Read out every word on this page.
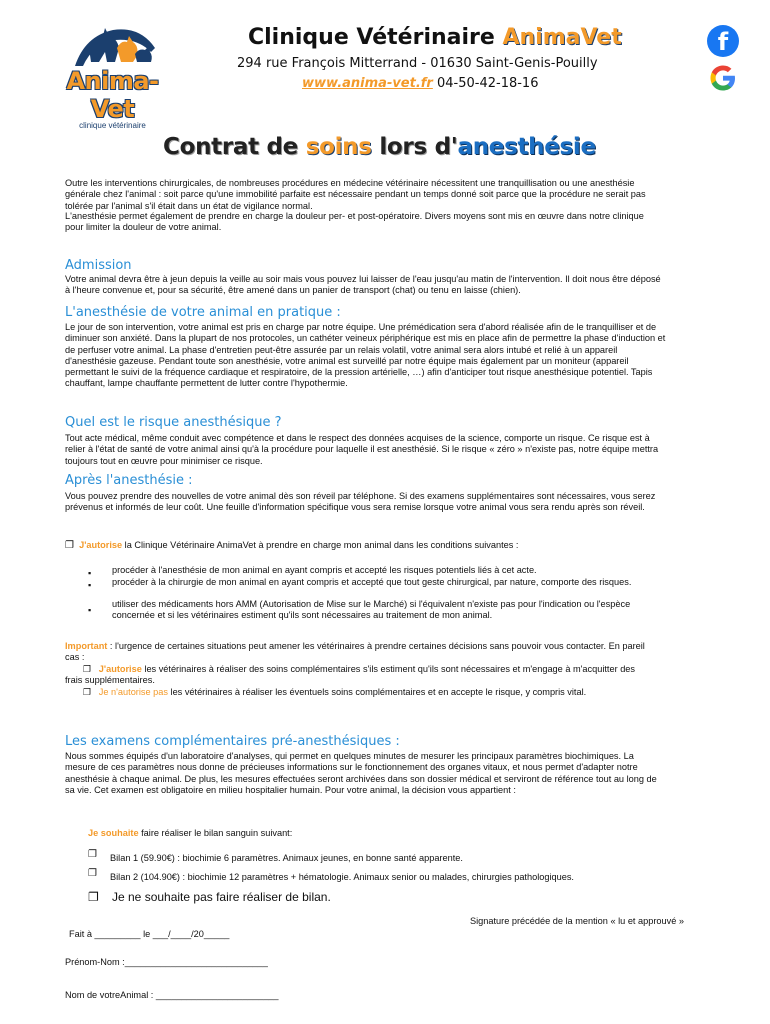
Anima-Vet
clinique vétérinaire
Clinique Vétérinaire AnimaVet
294 rue François Mitterrand - 01630 Saint-Genis-Pouilly
www.anima-vet.fr 04-50-42-18-16
f
Contrat de soins lors d'anesthésie
Outre les interventions chirurgicales, de nombreuses procédures en médecine vétérinaire nécessitent une tranquillisation ou une anesthésie générale chez l'animal : soit parce qu'une immobilité parfaite est nécessaire pendant un temps donné soit parce que la procédure ne serait pas tolérée par l'animal s'il était dans un état de vigilance normal.
L'anesthésie permet également de prendre en charge la douleur per- et post-opératoire. Divers moyens sont mis en œuvre dans notre clinique pour limiter la douleur de votre animal.
Admission
Votre animal devra être à jeun depuis la veille au soir mais vous pouvez lui laisser de l'eau jusqu'au matin de l'intervention. Il doit nous être déposé à l'heure convenue et, pour sa sécurité, être amené dans un panier de transport (chat) ou tenu en laisse (chien).
L'anesthésie de votre animal en pratique :
Le jour de son intervention, votre animal est pris en charge par notre équipe. Une prémédication sera d'abord réalisée afin de le tranquilliser et de diminuer son anxiété. Dans la plupart de nos protocoles, un cathéter veineux périphérique est mis en place afin de permettre la phase d'induction et de perfuser votre animal. La phase d'entretien peut-être assurée par un relais volatil, votre animal sera alors intubé et relié à un appareil d'anesthésie gazeuse. Pendant toute son anesthésie, votre animal est surveillé par notre équipe mais également par un moniteur (appareil permettant le suivi de la fréquence cardiaque et respiratoire, de la pression artérielle, …) afin d'anticiper tout risque anesthésique potentiel. Tapis chauffant, lampe chauffante permettent de lutter contre l'hypothermie.
Quel est le risque anesthésique ?
Tout acte médical, même conduit avec compétence et dans le respect des données acquises de la science, comporte un risque. Ce risque est à relier à l'état de santé de votre animal ainsi qu'à la procédure pour laquelle il est anesthésié. Si le risque « zéro » n'existe pas, notre équipe mettra toujours tout en œuvre pour minimiser ce risque.
Après l'anesthésie :
Vous pouvez prendre des nouvelles de votre animal dès son réveil par téléphone. Si des examens supplémentaires sont nécessaires, vous serez prévenus et informés de leur coût. Une feuille d'information spécifique vous sera remise lorsque votre animal vous sera rendu après son réveil.
❐ J'autorise la Clinique Vétérinaire AnimaVet à prendre en charge mon animal dans les conditions suivantes :
▪ procéder à l'anesthésie de mon animal en ayant compris et accepté les risques potentiels liés à cet acte.
▪ procéder à la chirurgie de mon animal en ayant compris et accepté que tout geste chirurgical, par nature, comporte des risques.
▪
utiliser des médicaments hors AMM (Autorisation de Mise sur le Marché) si l'équivalent n'existe pas pour l'indication ou l'espèce concernée et si les vétérinaires estiment qu'ils sont nécessaires au traitement de mon animal.
Important : l'urgence de certaines situations peut amener les vétérinaires à prendre certaines décisions sans pouvoir vous contacter. En pareil cas :
❐ J'autorise les vétérinaires à réaliser des soins complémentaires s'ils estiment qu'ils sont nécessaires et m'engage à m'acquitter des frais supplémentaires.
❐ Je n'autorise pas les vétérinaires à réaliser les éventuels soins complémentaires et en accepte le risque, y compris vital.
Les examens complémentaires pré-anesthésiques :
Nous sommes équipés d'un laboratoire d'analyses, qui permet en quelques minutes de mesurer les principaux paramètres biochimiques. La mesure de ces paramètres nous donne de précieuses informations sur le fonctionnement des organes vitaux, et nous permet d'adapter notre anesthésie à chaque animal. De plus, les mesures effectuées seront archivées dans son dossier médical et serviront de référence tout au long de sa vie. Cet examen est obligatoire en milieu hospitalier humain. Pour votre animal, la décision vous appartient :
Je souhaite faire réaliser le bilan sanguin suivant:
❐ Bilan 1 (59.90€) : biochimie 6 paramètres. Animaux jeunes, en bonne santé apparente.
❐ Bilan 2 (104.90€) : biochimie 12 paramètres + hématologie. Animaux senior ou malades, chirurgies pathologiques.
❐ Je ne souhaite pas faire réaliser de bilan.
Signature précédée de la mention « lu et approuvé »
Fait à _________ le ___/____/20_____
Prénom-Nom :____________________________
Nom de votreAnimal : ________________________
